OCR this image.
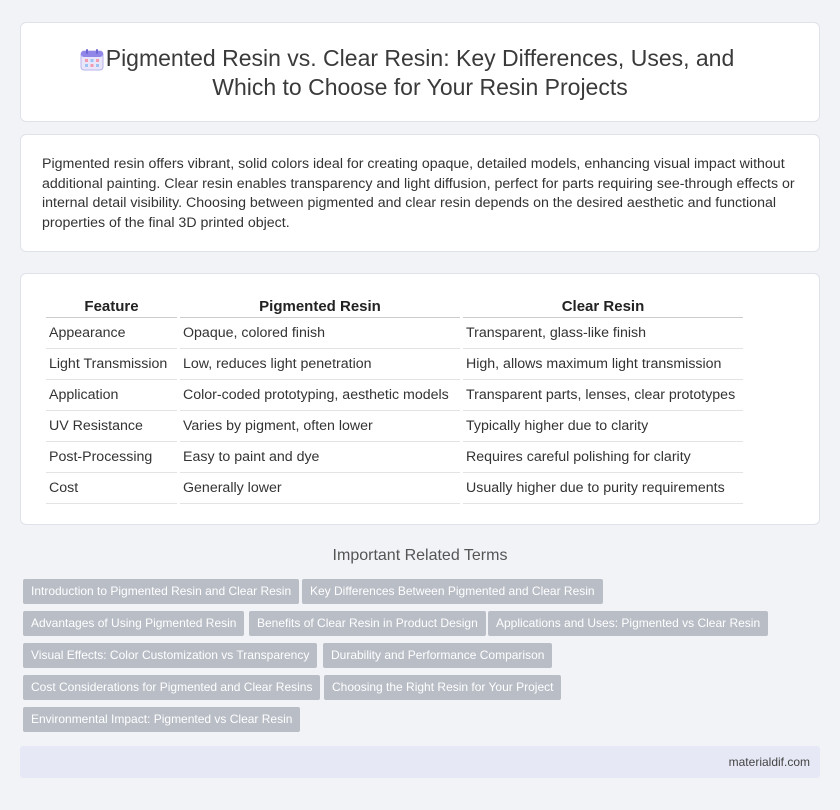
Pigmented Resin vs. Clear Resin: Key Differences, Uses, and Which to Choose for Your Resin Projects

Pigmented resin offers vibrant, solid colors ideal for creating opaque, detailed models, enhancing visual impact without additional painting. Clear resin enables transparency and light diffusion, perfect for parts requiring see-through effects or internal detail visibility. Choosing between pigmented and clear resin depends on the desired aesthetic and functional properties of the final 3D printed object.

Feature	Pigmented Resin	Clear Resin
Appearance	Opaque, colored finish	Transparent, glass-like finish
Light Transmission	Low, reduces light penetration	High, allows maximum light transmission
Application	Color-coded prototyping, aesthetic models	Transparent parts, lenses, clear prototypes
UV Resistance	Varies by pigment, often lower	Typically higher due to clarity
Post-Processing	Easy to paint and dye	Requires careful polishing for clarity
Cost	Generally lower	Usually higher due to purity requirements
Important Related Terms
Introduction to Pigmented Resin and Clear Resin	Key Differences Between Pigmented and Clear Resin
Advantages of Using Pigmented Resin	Benefits of Clear Resin in Product Design	Applications and Uses: Pigmented vs Clear Resin
Visual Effects: Color Customization vs Transparency	Durability and Performance Comparison
Cost Considerations for Pigmented and Clear Resins	Choosing the Right Resin for Your Project
Environmental Impact: Pigmented vs Clear Resin
materialdif.com
